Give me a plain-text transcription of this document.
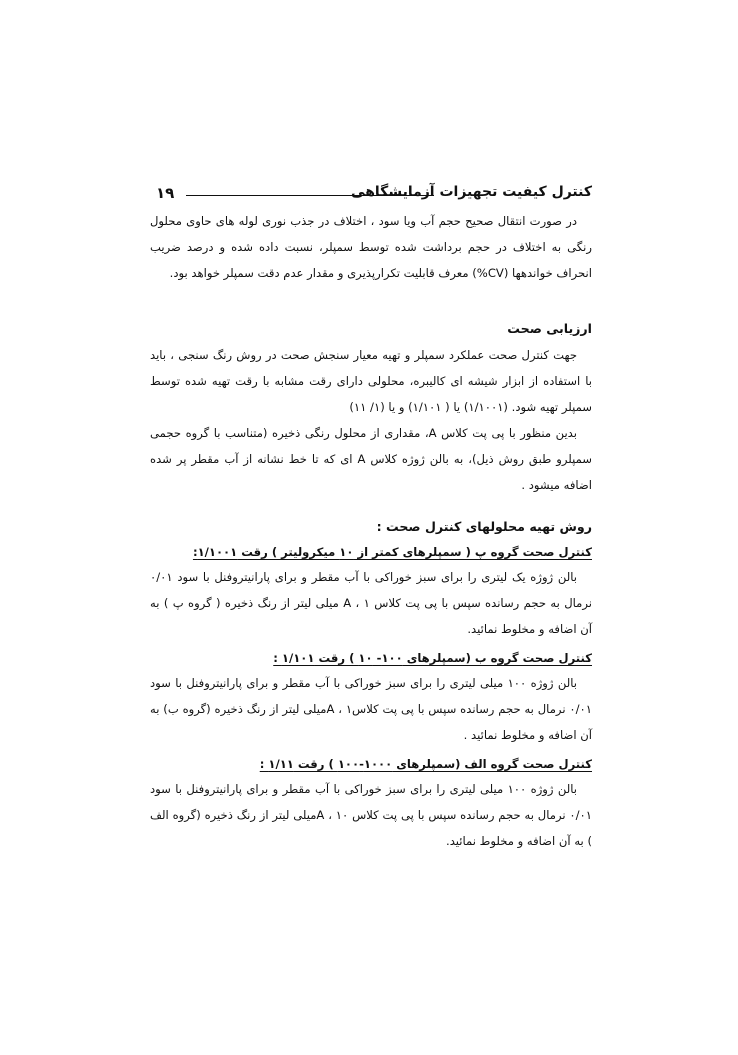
۱۹	کنترل کیفیت تجهیزات آزمایشگاهی

در صورت انتقال صحیح حجم آب ویا سود ، اختلاف در جذب نوری لوله های حاوی محلول رنگی به اختلاف در حجم برداشت شده توسط سمپلر، نسبت داده شده و درصد ضریب انحراف خواندهها (CV%) معرف قابلیت تکرارپذیری و مقدار عدم دقت سمپلر خواهد بود.

ارزیابی صحت

جهت کنترل صحت عملکرد سمپلر و تهیه معیار سنجش صحت در روش رنگ سنجی ، باید با استفاده از ابزار شیشه ای کالیبره، محلولی دارای رقت مشابه با رقت تهیه شده توسط سمپلر تهیه شود. (۱/۱۰۰۱) یا ( ۱/۱۰۱) و یا (۱/ ۱۱)

بدین منظور با پی پت کلاس A، مقداری از محلول رنگی ذخیره (متناسب با گروه حجمی سمپلرو طبق روش ذیل)، به بالن ژوژه کلاس A ای که تا خط نشانه از آب مقطر پر شده اضافه میشود .

روش تهیه محلولهای کنترل صحت :
کنترل صحت گروه پ ( سمپلرهای کمتر از ۱۰ میکرولیتر ) رقت ۱/۱۰۰۱:

بالن ژوژه یک لیتری را برای سبز خوراکی با آب مقطر و برای پارانیتروفنل با سود ۰/۰۱ نرمال به حجم رسانده سپس با پی پت کلاس A ، ۱ میلی لیتر از رنگ ذخیره ( گروه پ ) به آن اضافه و مخلوط نمائید.

کنترل صحت گروه ب (سمپلرهای ۱۰۰- ۱۰ ) رقت ۱/۱۰۱ :

بالن ژوژه ۱۰۰ میلی لیتری را برای سبز خوراکی با آب مقطر و برای پارانیتروفنل با سود ۰/۰۱ نرمال به حجم رسانده سپس با پی پت کلاسA ، ۱میلی لیتر از رنگ ذخیره (گروه ب) به آن اضافه و مخلوط نمائید .

کنترل صحت گروه الف (سمپلرهای ۱۰۰۰-۱۰۰ ) رقت ۱/۱۱ :

بالن ژوژه ۱۰۰ میلی لیتری را برای سبز خوراکی با آب مقطر و برای پارانیتروفنل با سود ۰/۰۱ نرمال به حجم رسانده سپس با پی پت کلاس A ، ۱۰میلی لیتر از رنگ ذخیره (گروه الف ) به آن اضافه و مخلوط نمائید.
